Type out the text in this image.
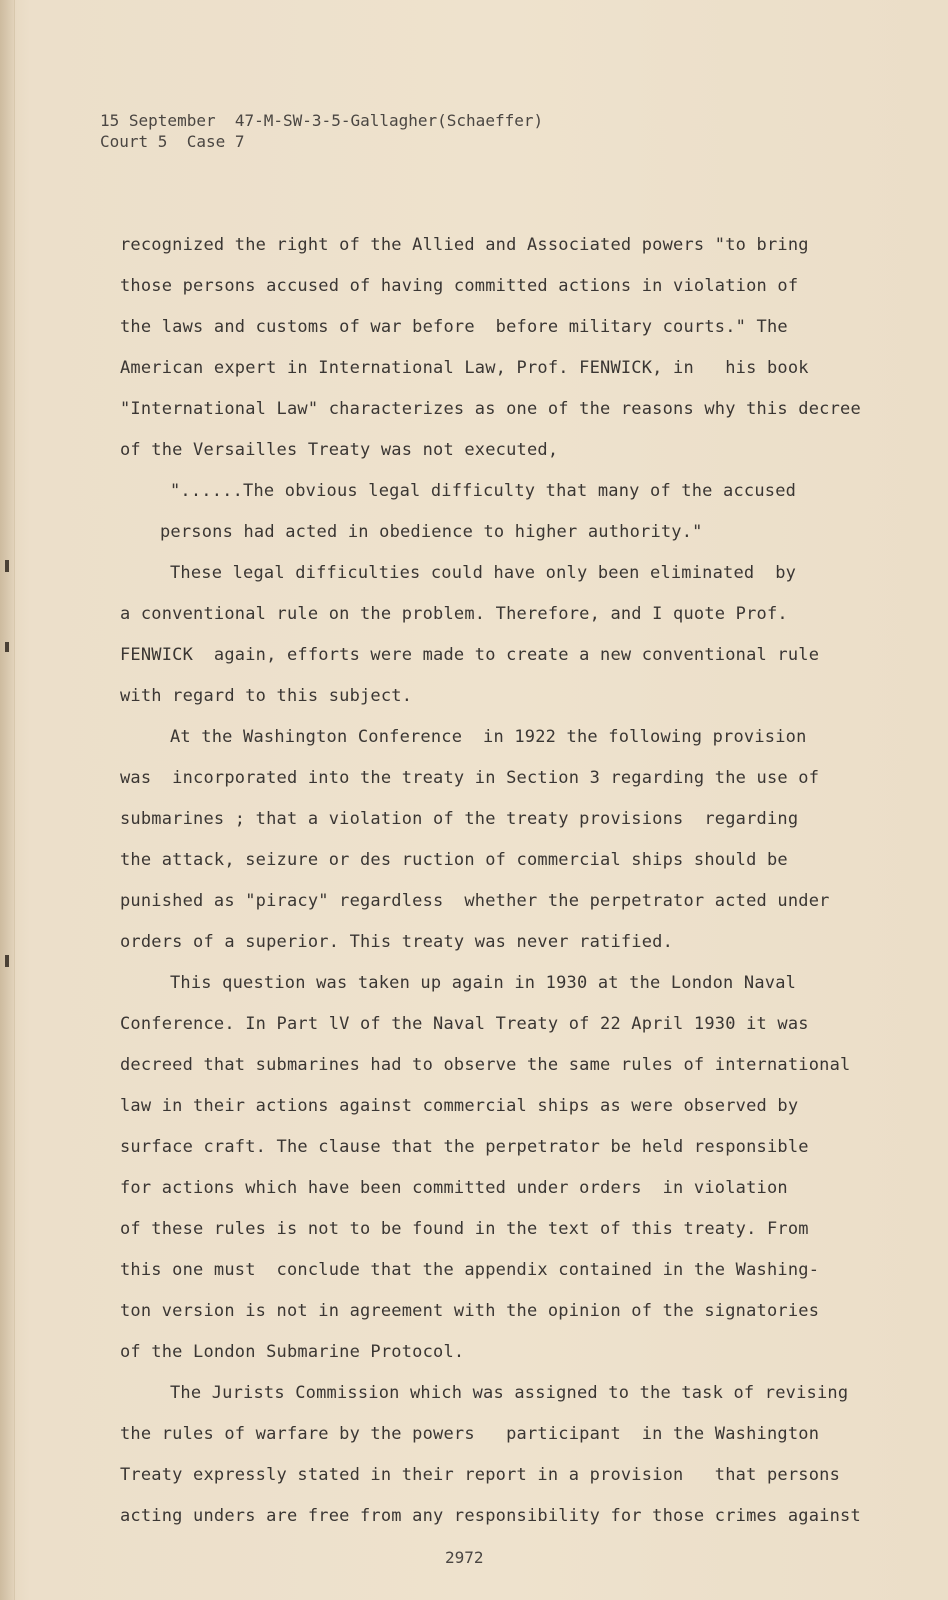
15 September  47-M-SW-3-5-Gallagher(Schaeffer)
Court 5  Case 7
recognized the right of the Allied and Associated powers "to bring
those persons accused of having committed actions in violation of
the laws and customs of war before  before military courts." The
American expert in International Law, Prof. FENWICK, in   his book
"International Law" characterizes as one of the reasons why this decree
of the Versailles Treaty was not executed,
"......The obvious legal difficulty that many of the accused
persons had acted in obedience to higher authority."
These legal difficulties could have only been eliminated  by
a conventional rule on the problem. Therefore, and I quote Prof.
FENWICK  again, efforts were made to create a new conventional rule
with regard to this subject.
At the Washington Conference  in 1922 the following provision
was  incorporated into the treaty in Section 3 regarding the use of
submarines ; that a violation of the treaty provisions  regarding
the attack, seizure or des ruction of commercial ships should be
punished as "piracy" regardless  whether the perpetrator acted under
orders of a superior. This treaty was never ratified.
This question was taken up again in 1930 at the London Naval
Conference. In Part lV of the Naval Treaty of 22 April 1930 it was
decreed that submarines had to observe the same rules of international
law in their actions against commercial ships as were observed by
surface craft. The clause that the perpetrator be held responsible
for actions which have been committed under orders  in violation
of these rules is not to be found in the text of this treaty. From
this one must  conclude that the appendix contained in the Washing-
ton version is not in agreement with the opinion of the signatories
of the London Submarine Protocol.
The Jurists Commission which was assigned to the task of revising
the rules of warfare by the powers   participant  in the Washington
Treaty expressly stated in their report in a provision   that persons
acting unders are free from any responsibility for those crimes against
2972
